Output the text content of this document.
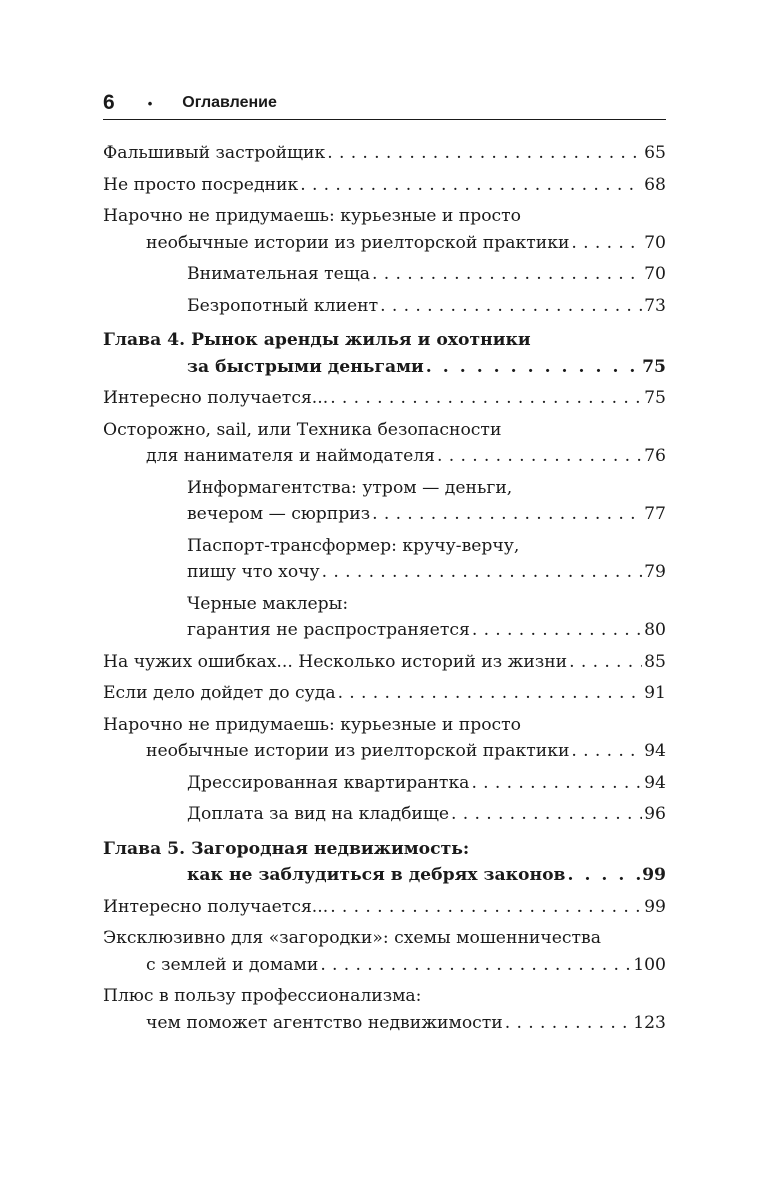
6	• Оглавление
Фальшивый застройщик . . .	65
Не просто посредник . . .	68
Нарочно не придумаешь: курьезные и просто
необычные истории из риелторской практики . . .	70
Внимательная теща . . .	70
Безропотный клиент . . .	73
Глава 4. Рынок аренды жилья и охотники
за быстрыми деньгами . . .	75
Интересно получается... . . .	75
Осторожно, sail, или Техника безопасности
для нанимателя и наймодателя . . .	76
Информагентства: утром — деньги,
вечером — сюрприз . . .	77
Паспорт-трансформер: кручу-верчу,
пишу что хочу . . .	79
Черные маклеры:
гарантия не распространяется . . .	80
На чужих ошибках... Несколько историй из жизни . . .	85
Если дело дойдет до суда . . .	91
Нарочно не придумаешь: курьезные и просто
необычные истории из риелторской практики . . .	94
Дрессированная квартирантка . . .	94
Доплата за вид на кладбище . . .	96
Глава 5. Загородная недвижимость:
как не заблудиться в дебрях законов . . .	99
Интересно получается... . . .	99
Эксклюзивно для «загородки»: схемы мошенничества
с землей и домами . . .	100
Плюс в пользу профессионализма:
чем поможет агентство недвижимости . . .	123
